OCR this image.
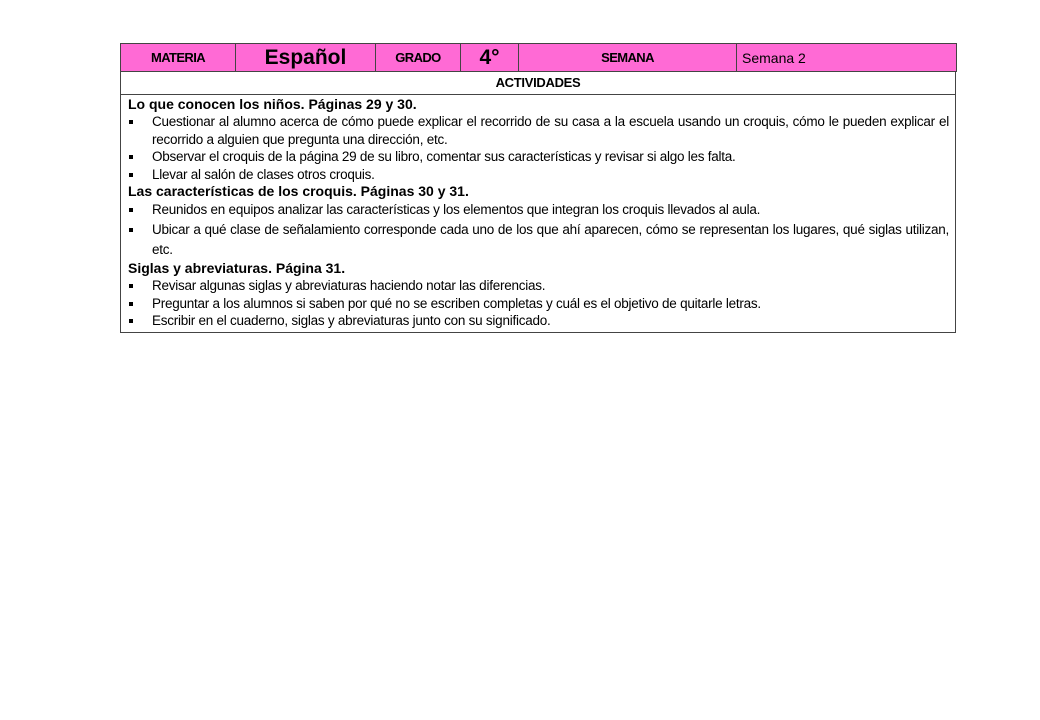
MATERIA	Español	GRADO	4°	SEMANA	Semana 2
ACTIVIDADES

Lo que conocen los niños. Páginas 29 y 30.

Cuestionar al alumno acerca de cómo puede explicar el recorrido de su casa a la escuela usando un croquis, cómo le pueden explicar el recorrido a alguien que pregunta una dirección, etc.
Observar el croquis de la página 29 de su libro, comentar sus características y revisar si algo les falta.
Llevar al salón de clases otros croquis.

Las características de los croquis. Páginas 30 y 31.

Reunidos en equipos analizar las características y los elementos que integran los croquis llevados al aula.
Ubicar a qué clase de señalamiento corresponde cada uno de los que ahí aparecen, cómo se representan los lugares, qué siglas utilizan, etc.

Siglas y abreviaturas. Página 31.

Revisar algunas siglas y abreviaturas haciendo notar las diferencias.
Preguntar a los alumnos si saben por qué no se escriben completas y cuál es el objetivo de quitarle letras.
Escribir en el cuaderno, siglas y abreviaturas junto con su significado.
